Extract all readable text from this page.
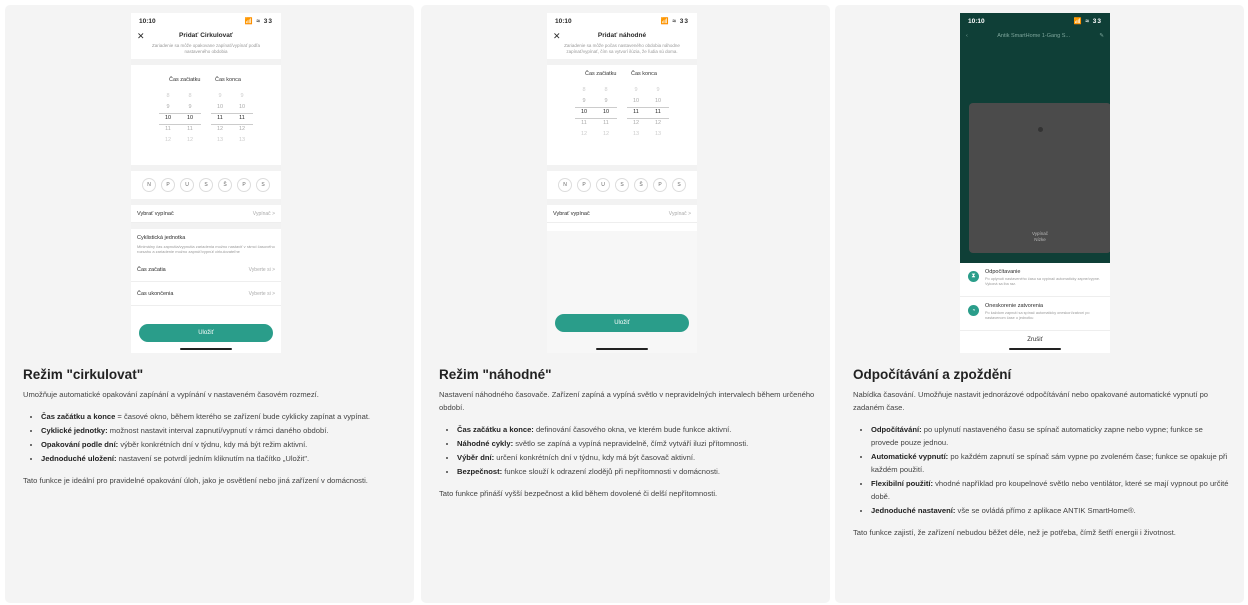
10:10	📶 ≈ 33
✕	Pridať Cirkulovať
Zariadenie sa môže opakovane zapínať/vypínať podľa nastaveného obdobia
Čas začiatku	Čas konca
8
9
10
11
12
8
9
10
11
12
9
10
11
12
13
9
10
11
12
13
N	P	U	S	Š	P	S
Vybrať vypínač	Vypínač >
Cyklistická jednotka
Minimálny čas zapnutia/vypnutia zariadenia možno nastaviť v rámci časového rozsahu a zariadenie možno zapnúť/vypnúť cirkulovateľne
Čas začatia	Vyberte si >
Čas ukončenia	Vyberte si >
Uložiť
Režim "cirkulovat"

Umožňuje automatické opakování zapínání a vypínání v nastaveném časovém rozmezí.

• Čas začátku a konce = časové okno, během kterého se zařízení bude cyklicky zapínat a vypínat.
• Cyklické jednotky: možnost nastavit interval zapnutí/vypnutí v rámci daného období.
• Opakování podle dní: výběr konkrétních dní v týdnu, kdy má být režim aktivní.
• Jednoduché uložení: nastavení se potvrdí jedním kliknutím na tlačítko „Uložit".

Tato funkce je ideální pro pravidelné opakování úloh, jako je osvětlení nebo jiná zařízení v domácnosti.

10:10	📶 ≈ 33
✕	Pridať náhodné
Zariadenie sa môže počas nastaveného obdobia náhodne zapínať/vypínať, čím sa vytvorí ilúzia, že ľudia sú doma.
Čas začiatku	Čas konca
8
9
10
11
12
8
9
10
11
12
9
10
11
12
13
9
10
11
12
13
N	P	U	S	Š	P	S
Vybrať vypínač	Vypínač >
Uložiť
Režim "náhodné"

Nastavení náhodného časovače. Zařízení zapíná a vypíná světlo v nepravidelných intervalech během určeného období.

• Čas začátku a konce: definování časového okna, ve kterém bude funkce aktivní.
• Náhodné cykly: světlo se zapíná a vypíná nepravidelně, čímž vytváří iluzi přítomnosti.
• Výběr dní: určení konkrétních dní v týdnu, kdy má být časovač aktivní.
• Bezpečnost: funkce slouží k odrazení zlodějů při nepřítomnosti v domácnosti.

Tato funkce přináší vyšší bezpečnost a klid během dovolené či delší nepřítomnosti.

10:10	📶 ≈ 33
‹	Antik SmartHome 1-Gang S...	✎
Vypínač
Nízke
⧗
Odpočítavanie
Po uplynutí nastaveného času sa vypínač automaticky zapne/vypne. Vykoná sa iba raz.
◔
Oneskorenie zatvorenia
Po každom zapnutí sa spínač automaticky oneskorí/zatvorí po nastavenom čase o jednotku
Zrušiť
Odpočítávání a zpoždění

Nabídka časování. Umožňuje nastavit jednorázové odpočítávání nebo opakované automatické vypnutí po zadaném čase.

• Odpočítávání: po uplynutí nastaveného času se spínač automaticky zapne nebo vypne; funkce se provede pouze jednou.
• Automatické vypnutí: po každém zapnutí se spínač sám vypne po zvoleném čase; funkce se opakuje při každém použití.
• Flexibilní použití: vhodné například pro koupelnové světlo nebo ventilátor, které se mají vypnout po určité době.
• Jednoduché nastavení: vše se ovládá přímo z aplikace ANTIK SmartHome®.

Tato funkce zajistí, že zařízení nebudou běžet déle, než je potřeba, čímž šetří energii i životnost.
